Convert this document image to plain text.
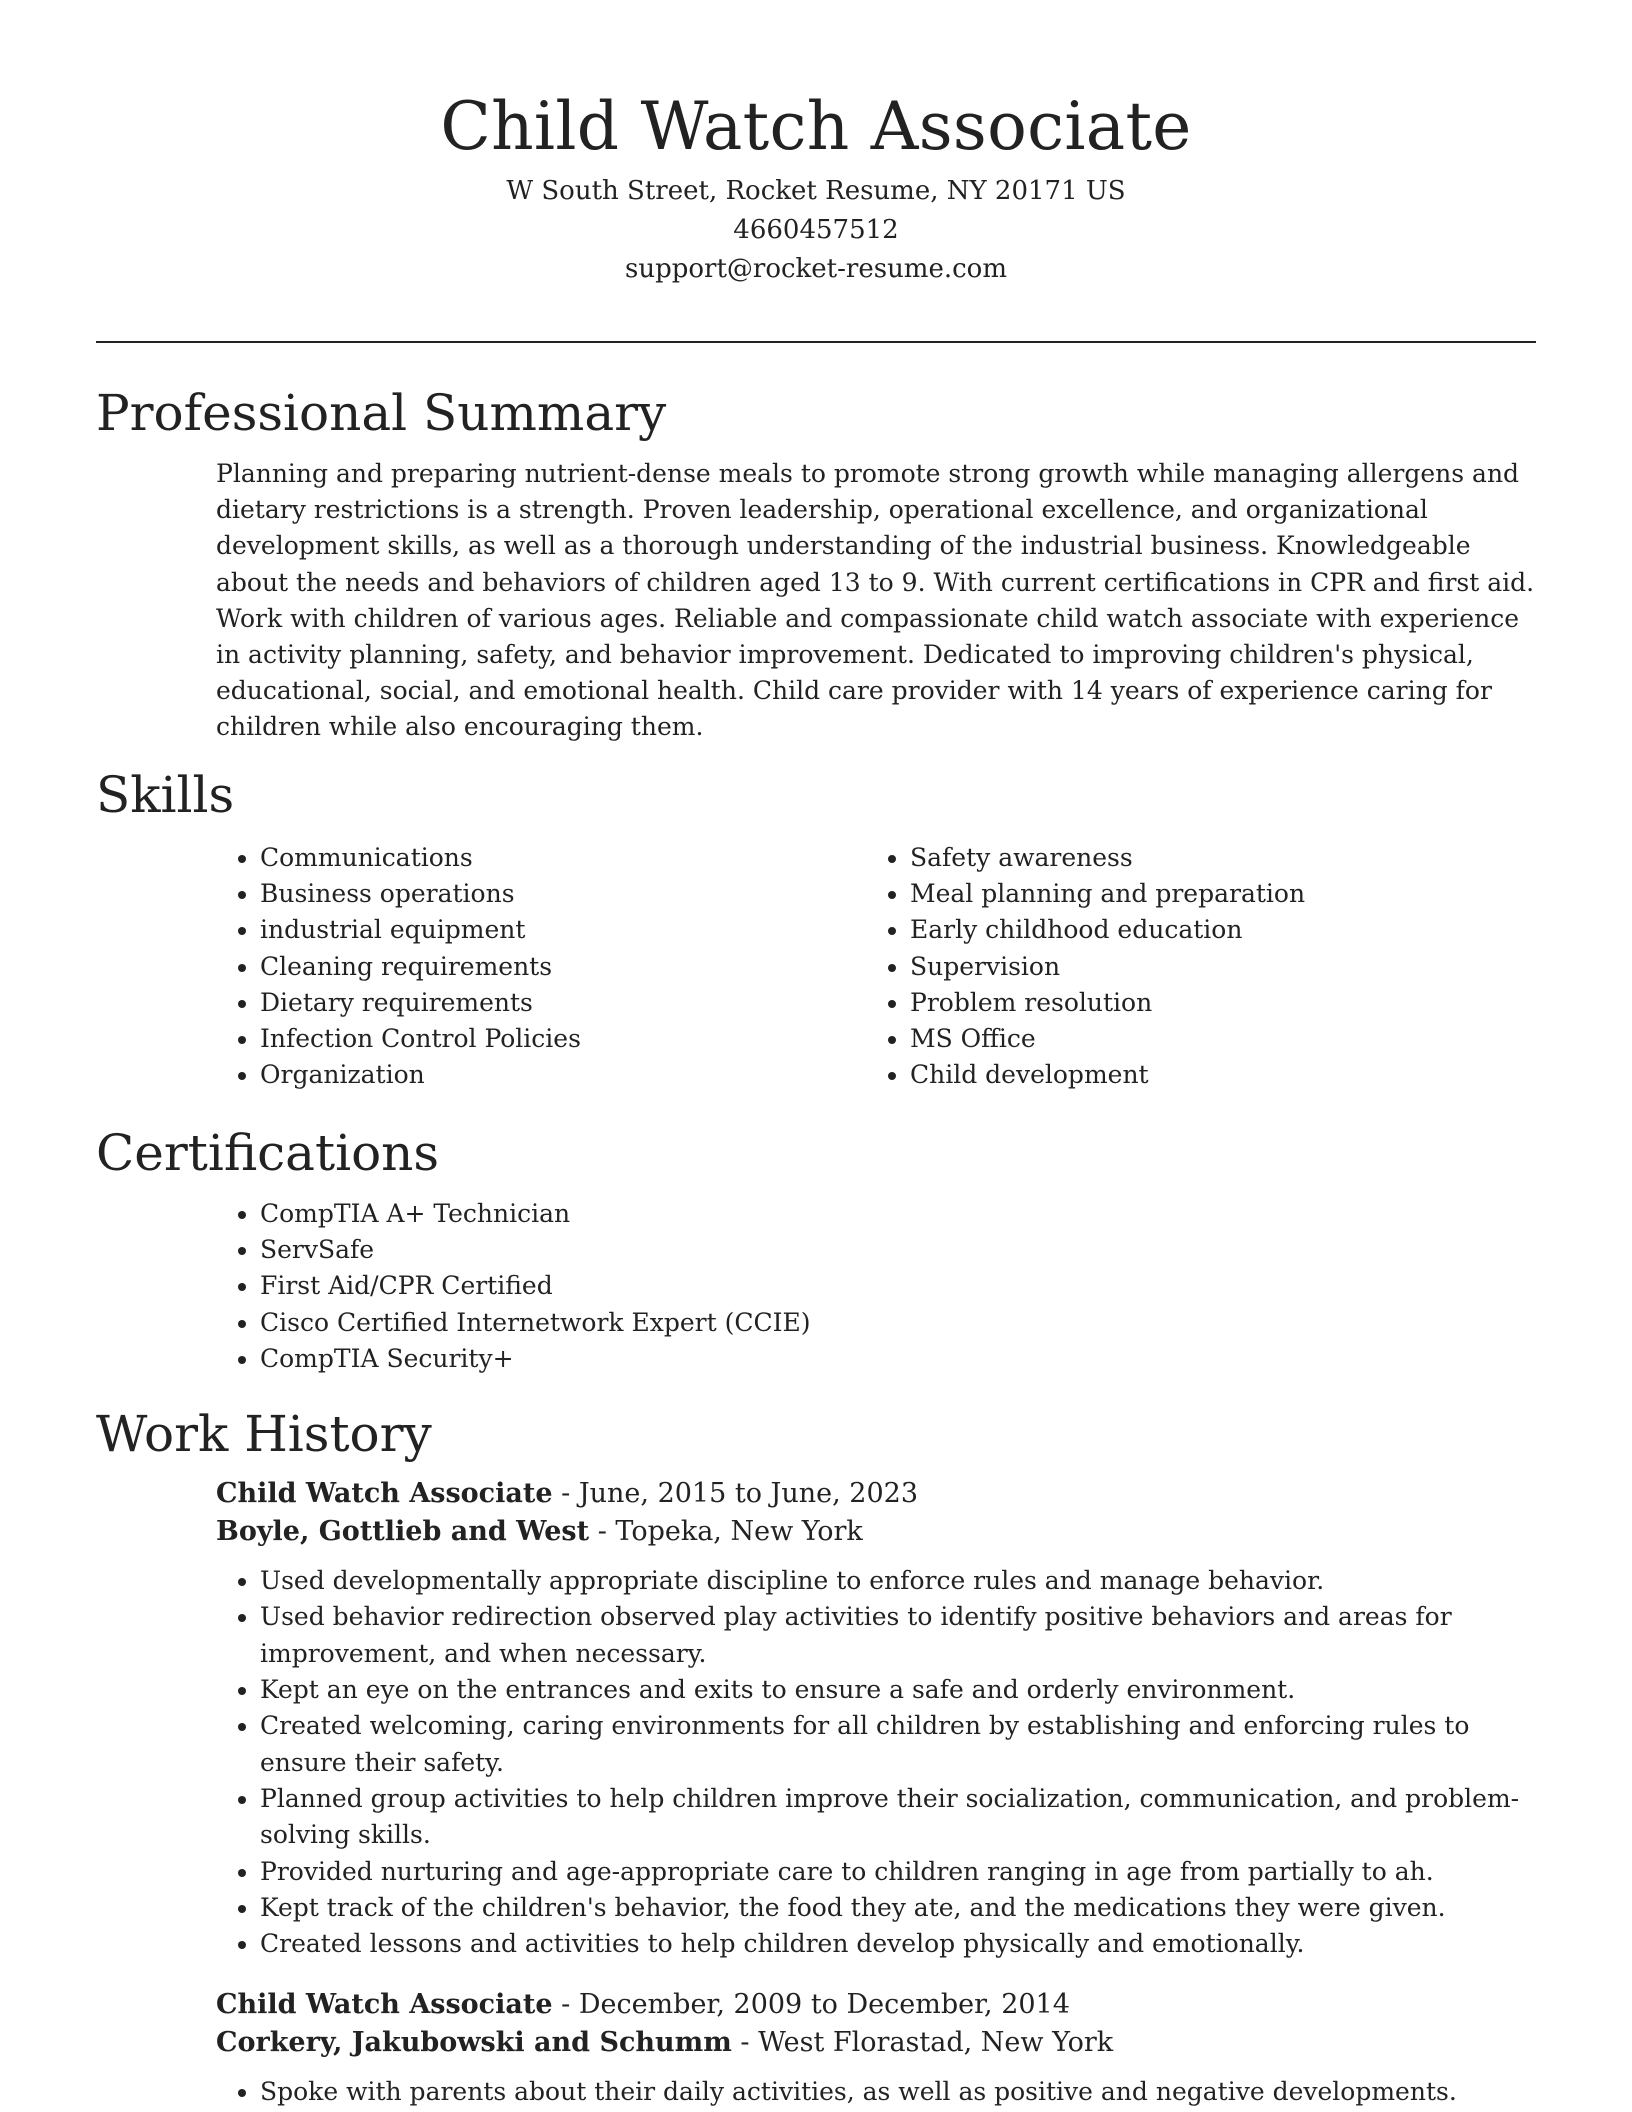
Child Watch Associate
W South Street, Rocket Resume, NY 20171 US
4660457512
support@rocket-resume.com
Professional Summary

Planning and preparing nutrient-dense meals to promote strong growth while managing allergens and dietary restrictions is a strength. Proven leadership, operational excellence, and organizational development skills, as well as a thorough understanding of the industrial business. Knowledgeable about the needs and behaviors of children aged 13 to 9. With current certifications in CPR and first aid. Work with children of various ages. Reliable and compassionate child watch associate with experience in activity planning, safety, and behavior improvement. Dedicated to improving children's physical, educational, social, and emotional health. Child care provider with 14 years of experience caring for children while also encouraging them.

Skills
• Communications
• Business operations
• industrial equipment
• Cleaning requirements
• Dietary requirements
• Infection Control Policies
• Organization
• Safety awareness
• Meal planning and preparation
• Early childhood education
• Supervision
• Problem resolution
• MS Office
• Child development
Certifications
• CompTIA A+ Technician
• ServSafe
• First Aid/CPR Certified
• Cisco Certified Internetwork Expert (CCIE)
• CompTIA Security+
Work History
Child Watch Associate - June, 2015 to June, 2023
Boyle, Gottlieb and West - Topeka, New York
• Used developmentally appropriate discipline to enforce rules and manage behavior.
• Used behavior redirection observed play activities to identify positive behaviors and areas for improvement, and when necessary.
• Kept an eye on the entrances and exits to ensure a safe and orderly environment.
• Created welcoming, caring environments for all children by establishing and enforcing rules to ensure their safety.
• Planned group activities to help children improve their socialization, communication, and problem-solving skills.
• Provided nurturing and age-appropriate care to children ranging in age from partially to ah.
• Kept track of the children's behavior, the food they ate, and the medications they were given.
• Created lessons and activities to help children develop physically and emotionally.
Child Watch Associate - December, 2009 to December, 2014
Corkery, Jakubowski and Schumm - West Florastad, New York
• Spoke with parents about their daily activities, as well as positive and negative developments.
